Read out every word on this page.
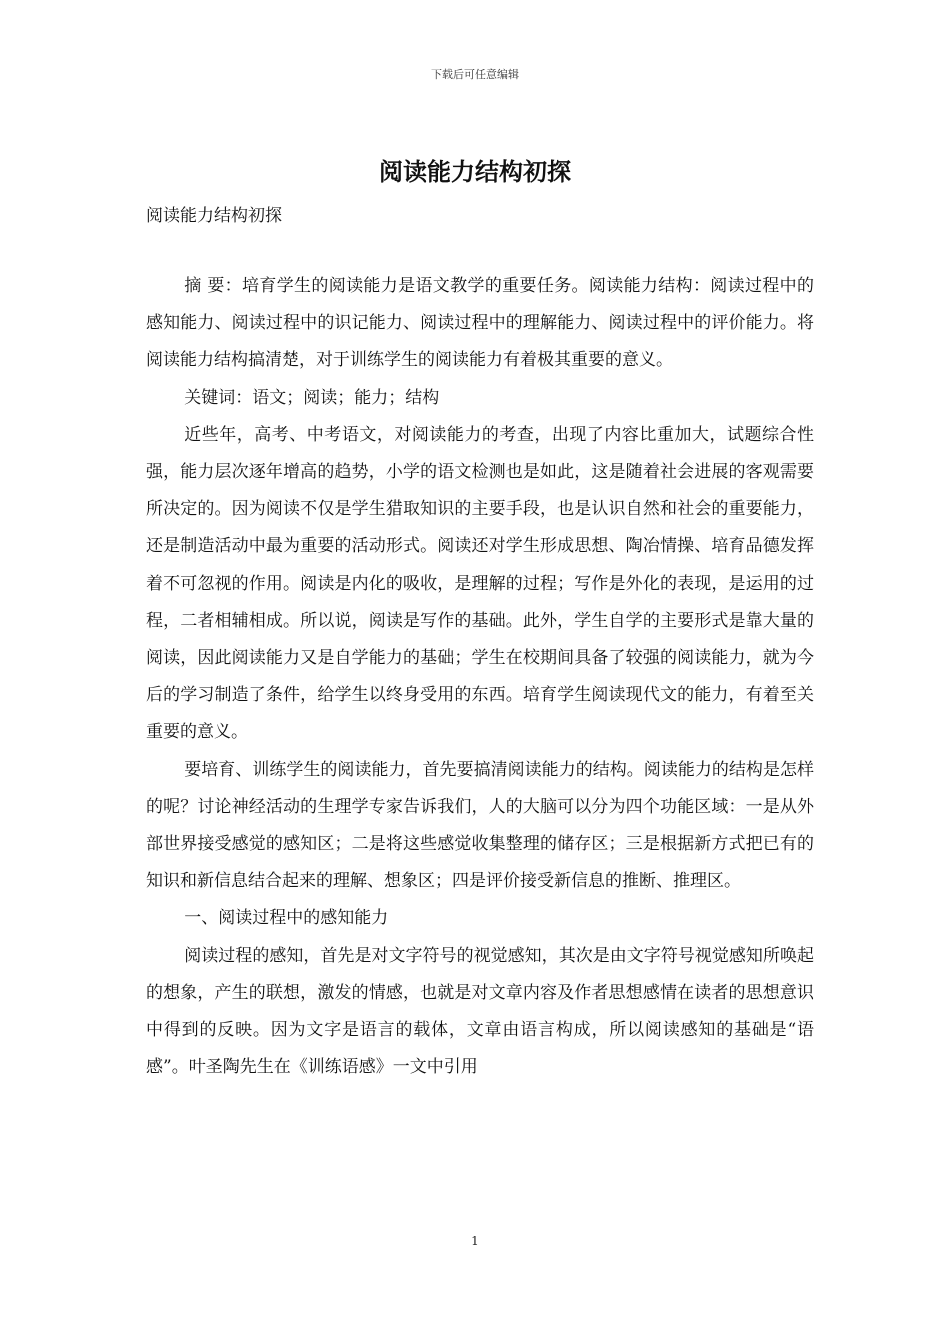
下载后可任意编辑
阅读能力结构初探
阅读能力结构初探

摘 要：培育学生的阅读能力是语文教学的重要任务。阅读能力结构：阅读过程中的感知能力、阅读过程中的识记能力、阅读过程中的理解能力、阅读过程中的评价能力。将阅读能力结构搞清楚，对于训练学生的阅读能力有着极其重要的意义。

关键词：语文；阅读；能力；结构

近些年，高考、中考语文，对阅读能力的考查，出现了内容比重加大，试题综合性强，能力层次逐年增高的趋势，小学的语文检测也是如此，这是随着社会进展的客观需要所决定的。因为阅读不仅是学生猎取知识的主要手段，也是认识自然和社会的重要能力，还是制造活动中最为重要的活动形式。阅读还对学生形成思想、陶冶情操、培育品德发挥着不可忽视的作用。阅读是内化的吸收，是理解的过程；写作是外化的表现，是运用的过程，二者相辅相成。所以说，阅读是写作的基础。此外，学生自学的主要形式是靠大量的阅读，因此阅读能力又是自学能力的基础；学生在校期间具备了较强的阅读能力，就为今后的学习制造了条件，给学生以终身受用的东西。培育学生阅读现代文的能力，有着至关重要的意义。

要培育、训练学生的阅读能力，首先要搞清阅读能力的结构。阅读能力的结构是怎样的呢？讨论神经活动的生理学专家告诉我们，人的大脑可以分为四个功能区域：一是从外部世界接受感觉的感知区；二是将这些感觉收集整理的储存区；三是根据新方式把已有的知识和新信息结合起来的理解、想象区；四是评价接受新信息的推断、推理区。

一、阅读过程中的感知能力

阅读过程的感知，首先是对文字符号的视觉感知，其次是由文字符号视觉感知所唤起的想象，产生的联想，激发的情感，也就是对文章内容及作者思想感情在读者的思想意识中得到的反映。因为文字是语言的载体，文章由语言构成，所以阅读感知的基础是“语感”。叶圣陶先生在《训练语感》一文中引用

1
